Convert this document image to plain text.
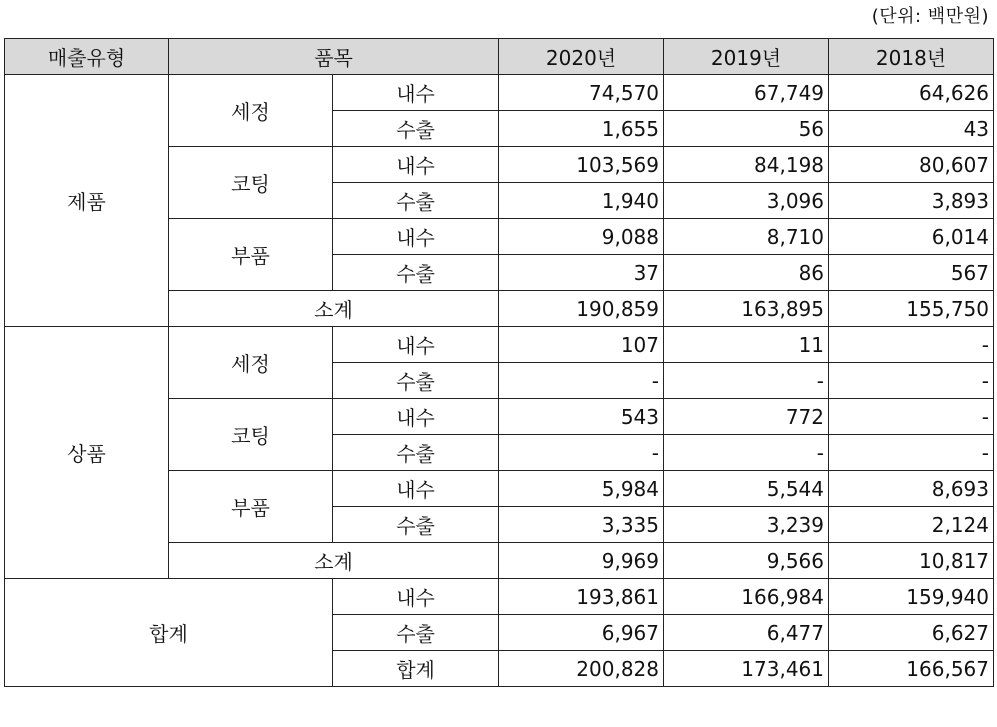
(단위: 백만원)
매출유형	품목		2020년	2019년	2018년
제품	세정	내수	74,570	67,749	64,626
		수출	1,655	56	43
	코팅	내수	103,569	84,198	80,607
		수출	1,940	3,096	3,893
	부품	내수	9,088	8,710	6,014
		수출	37	86	567
	소계		190,859	163,895	155,750
상품	세정	내수	107	11	-
		수출	-	-	-
	코팅	내수	543	772	-
		수출	-	-	-
	부품	내수	5,984	5,544	8,693
		수출	3,335	3,239	2,124
	소계		9,969	9,566	10,817
합계		내수	193,861	166,984	159,940
		수출	6,967	6,477	6,627
		합계	200,828	173,461	166,567
